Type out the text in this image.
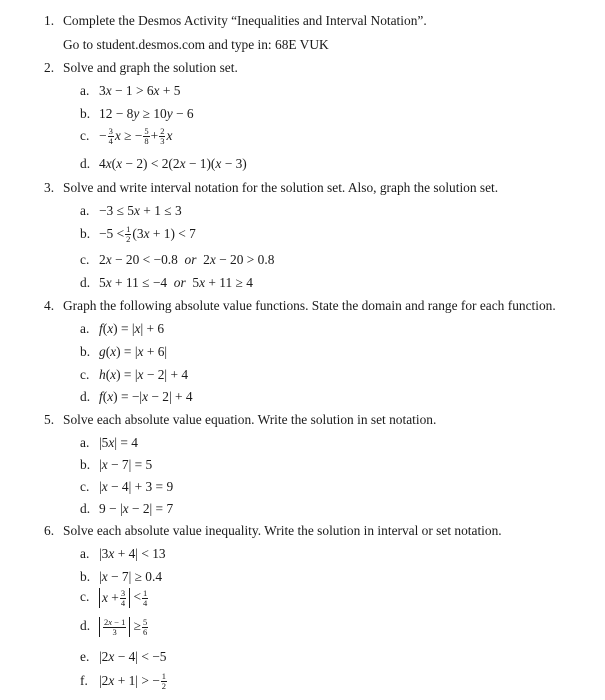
1. Complete the Desmos Activity “Inequalities and Interval Notation”.
Go to student.desmos.com and type in: 68E VUK
2. Solve and graph the solution set.
a. 3x − 1 > 6x + 5
b. 12 − 8y ≥ 10y − 6
c. − $\frac{3}{4}$ x ≥ − $\frac{5}{8} + \frac{2}{3}$ x
d. 4x(x − 2) < 2(2x − 1)(x − 3)
3. Solve and write interval notation for the solution set. Also, graph the solution set.
a. −3 ≤ 5x + 1 ≤ 3
b. $-5 < \frac{1}{2} (3x + 1) < 7$
c. 2x − 20 < −0.8  or  2x − 20 > 0.8
d. 5x + 11 ≤ −4  or  5x + 11 ≥ 4
4. Graph the following absolute value functions. State the domain and range for each function.
a. f(x) = |x| + 6
b. g(x) = |x + 6|
c. h(x) = |x − 2| + 4
d. f(x) = −|x − 2| + 4
5. Solve each absolute value equation. Write the solution in set notation.
a. |5x| = 4
b. |x − 7| = 5
c. |x − 4| + 3 = 9
d. 9 − |x − 2| = 7
6. Solve each absolute value inequality. Write the solution in interval or set notation.
a. |3x + 4| < 13
b. |x − 7| ≥ 0.4
c. $x + \frac{3}{4} < \frac{1}{4}$
d. $\frac{2x - 1}{3} \ge \frac{5}{6}$
e. |2x − 4| < −5
f. |2x + 1| > − $\frac{1}{2}$
